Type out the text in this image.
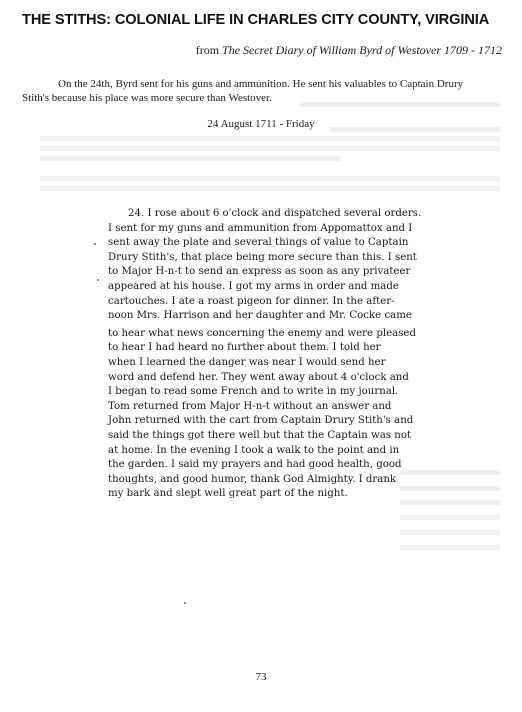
THE STITHS: COLONIAL LIFE IN CHARLES CITY COUNTY, VIRGINIA
from The Secret Diary of William Byrd of Westover 1709 - 1712
On the 24th, Byrd sent for his guns and ammunition. He sent his valuables to Captain Drury
Stith's because his place was more secure than Westover.
24 August 1711 - Friday
24. I rose about 6 o'clock and dispatched several orders.
I sent for my guns and ammunition from Appomattox and I
sent away the plate and several things of value to Captain
Drury Stith's, that place being more secure than this. I sent
to Major H-n-t to send an express as soon as any privateer
appeared at his house. I got my arms in order and made
cartouches. I ate a roast pigeon for dinner. In the after-
noon Mrs. Harrison and her daughter and Mr. Cocke came
to hear what news concerning the enemy and were pleased
to hear I had heard no further about them. I told her
when I learned the danger was near I would send her
word and defend her. They went away about 4 o'clock and
I began to read some French and to write in my journal.
Tom returned from Major H-n-t without an answer and
John returned with the cart from Captain Drury Stith's and
said the things got there well but that the Captain was not
at home. In the evening I took a walk to the point and in
the garden. I said my prayers and had good health, good
thoughts, and good humor, thank God Almighty. I drank
my bark and slept well great part of the night.
73
